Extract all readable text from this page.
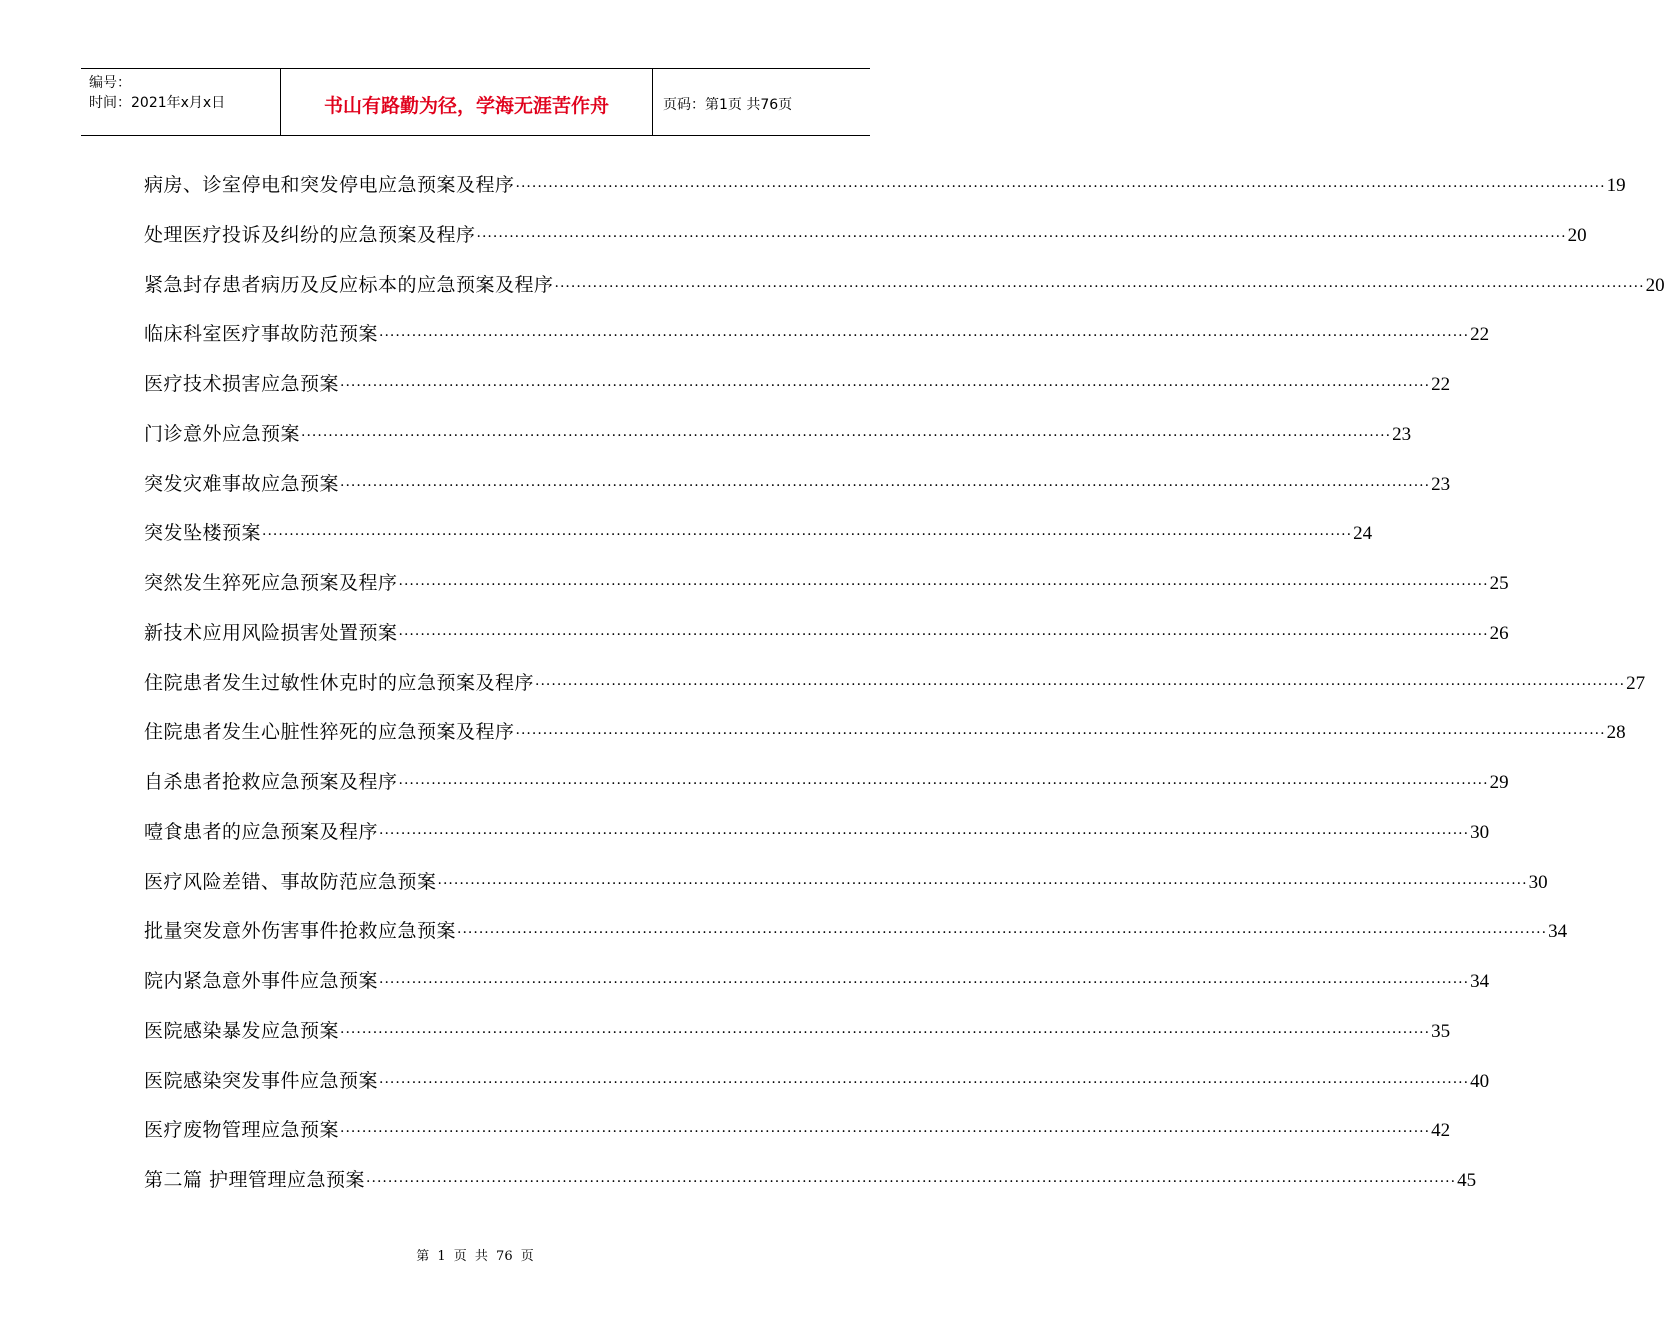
编号：
时间：2021年x月x日	书山有路勤为径，学海无涯苦作舟	页码：第1页 共76页
病房、诊室停电和突发停电应急预案及程序 ········································································································································································································ 19
处理医疗投诉及纠纷的应急预案及程序 ········································································································································································································ 20
紧急封存患者病历及反应标本的应急预案及程序 ········································································································································································································ 20
临床科室医疗事故防范预案 ········································································································································································································ 22
医疗技术损害应急预案 ········································································································································································································ 22
门诊意外应急预案 ········································································································································································································ 23
突发灾难事故应急预案 ········································································································································································································ 23
突发坠楼预案 ········································································································································································································ 24
突然发生猝死应急预案及程序 ········································································································································································································ 25
新技术应用风险损害处置预案 ········································································································································································································ 26
住院患者发生过敏性休克时的应急预案及程序 ········································································································································································································ 27
住院患者发生心脏性猝死的应急预案及程序 ········································································································································································································ 28
自杀患者抢救应急预案及程序 ········································································································································································································ 29
噎食患者的应急预案及程序 ········································································································································································································ 30
医疗风险差错、事故防范应急预案 ········································································································································································································ 30
批量突发意外伤害事件抢救应急预案 ········································································································································································································ 34
院内紧急意外事件应急预案 ········································································································································································································ 34
医院感染暴发应急预案 ········································································································································································································ 35
医院感染突发事件应急预案 ········································································································································································································ 40
医疗废物管理应急预案 ········································································································································································································ 42
第二篇 护理管理应急预案 ········································································································································································································ 45
第 1 页 共 76 页
